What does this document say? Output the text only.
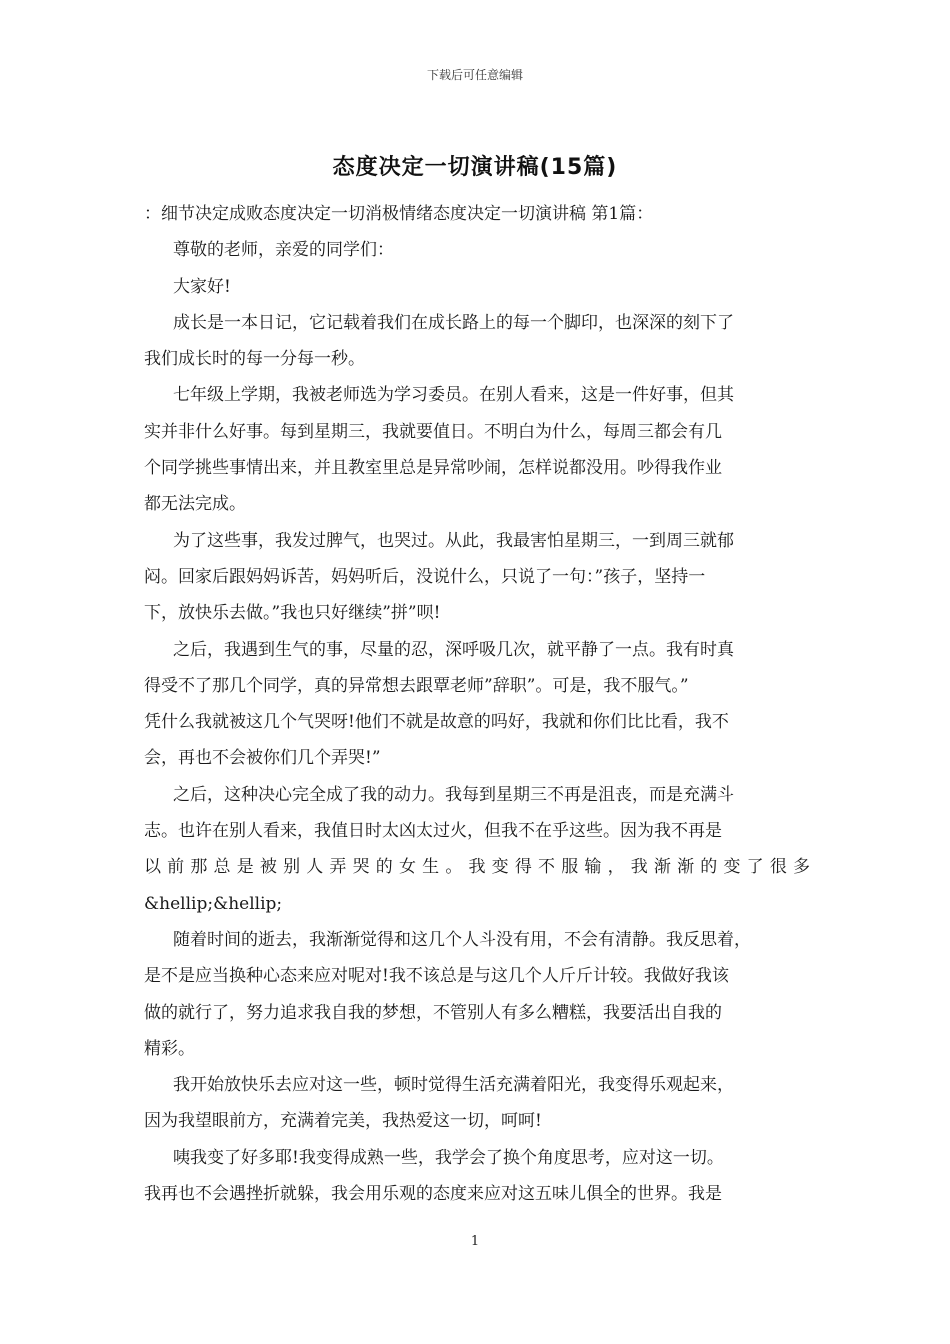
下载后可任意编辑
态度决定一切演讲稿(15篇)
：细节决定成败态度决定一切消极情绪态度决定一切演讲稿 第1篇：
尊敬的老师，亲爱的同学们：
大家好!
成长是一本日记，它记载着我们在成长路上的每一个脚印，也深深的刻下了
我们成长时的每一分每一秒。
七年级上学期，我被老师选为学习委员。在别人看来，这是一件好事，但其
实并非什么好事。每到星期三，我就要值日。不明白为什么，每周三都会有几
个同学挑些事情出来，并且教室里总是异常吵闹，怎样说都没用。吵得我作业
都无法完成。
为了这些事，我发过脾气，也哭过。从此，我最害怕星期三，一到周三就郁
闷。回家后跟妈妈诉苦，妈妈听后，没说什么，只说了一句：”孩子，坚持一
下，放快乐去做。”我也只好继续”拼”呗!
之后，我遇到生气的事，尽量的忍，深呼吸几次，就平静了一点。我有时真
得受不了那几个同学，真的异常想去跟覃老师”辞职”。可是，我不服气。”
凭什么我就被这几个气哭呀!他们不就是故意的吗好，我就和你们比比看，我不
会，再也不会被你们几个弄哭!”
之后，这种决心完全成了我的动力。我每到星期三不再是沮丧，而是充满斗
志。也许在别人看来，我值日时太凶太过火，但我不在乎这些。因为我不再是
以 前 那 总 是 被 别 人 弄 哭 的 女 生 。 我 变 得 不 服 输 ， 我 渐 渐 的 变 了 很 多
&hellip;&hellip;
随着时间的逝去，我渐渐觉得和这几个人斗没有用，不会有清静。我反思着，
是不是应当换种心态来应对呢对!我不该总是与这几个人斤斤计较。我做好我该
做的就行了，努力追求我自我的梦想，不管别人有多么糟糕，我要活出自我的
精彩。
我开始放快乐去应对这一些，顿时觉得生活充满着阳光，我变得乐观起来，
因为我望眼前方，充满着完美，我热爱这一切，呵呵!
咦我变了好多耶!我变得成熟一些，我学会了换个角度思考，应对这一切。
我再也不会遇挫折就躲，我会用乐观的态度来应对这五味儿俱全的世界。我是
1
